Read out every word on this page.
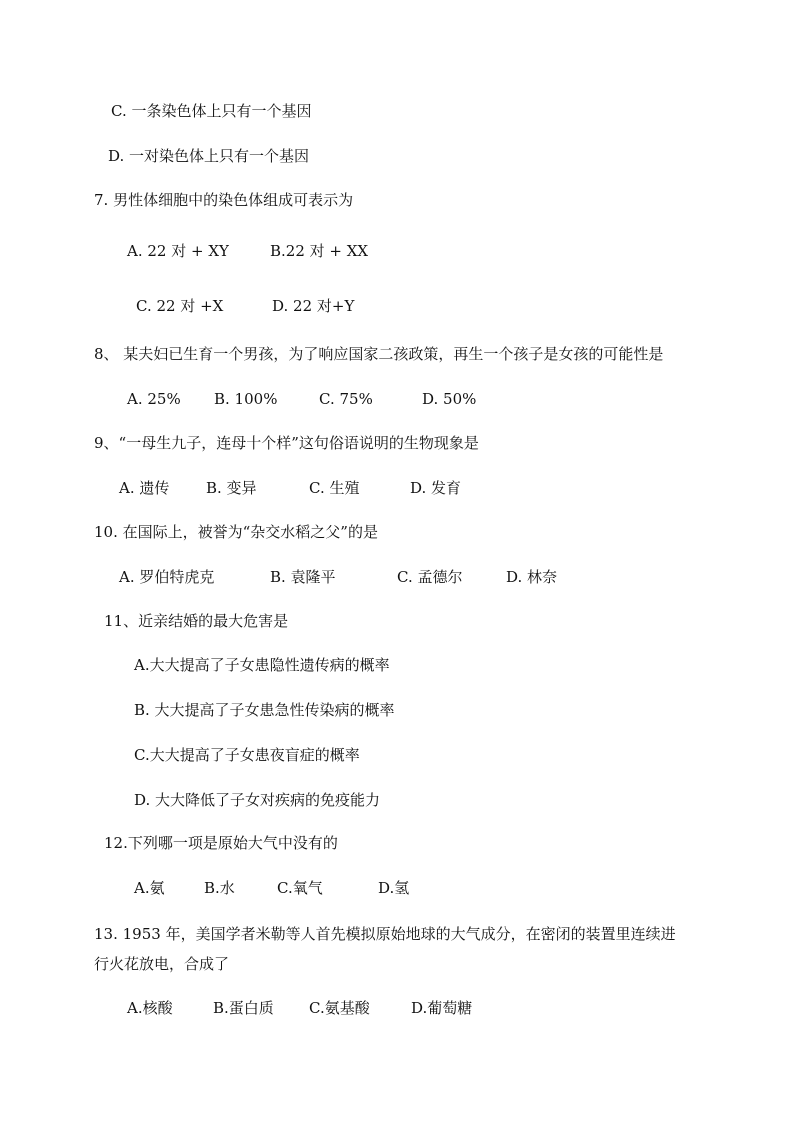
C. 一条染色体上只有一个基因
D. 一对染色体上只有一个基因
7. 男性体细胞中的染色体组成可表示为
A. 22 对 + XY	B.22 对 + XX
C. 22 对 +X	D. 22 对+Y
8、 某夫妇已生育一个男孩，为了响应国家二孩政策，再生一个孩子是女孩的可能性是
A. 25% B. 100%	C. 75%	D. 50%
9、“一母生九子，连母十个样”这句俗语说明的生物现象是
A. 遗传 B. 变异	C. 生殖	D. 发育
10. 在国际上，被誉为“杂交水稻之父”的是
A. 罗伯特虎克	B. 袁隆平	C. 孟德尔	D. 林奈
11、近亲结婚的最大危害是
A.大大提高了子女患隐性遗传病的概率
B. 大大提高了子女患急性传染病的概率
C.大大提高了子女患夜盲症的概率
D. 大大降低了子女对疾病的免疫能力
12.下列哪一项是原始大气中没有的
A.氨	B.水	C.氧气	D.氢
13. 1953 年，美国学者米勒等人首先模拟原始地球的大气成分，在密闭的装置里连续进
行火花放电，合成了
A.核酸	B.蛋白质 C.氨基酸	D.葡萄糖
